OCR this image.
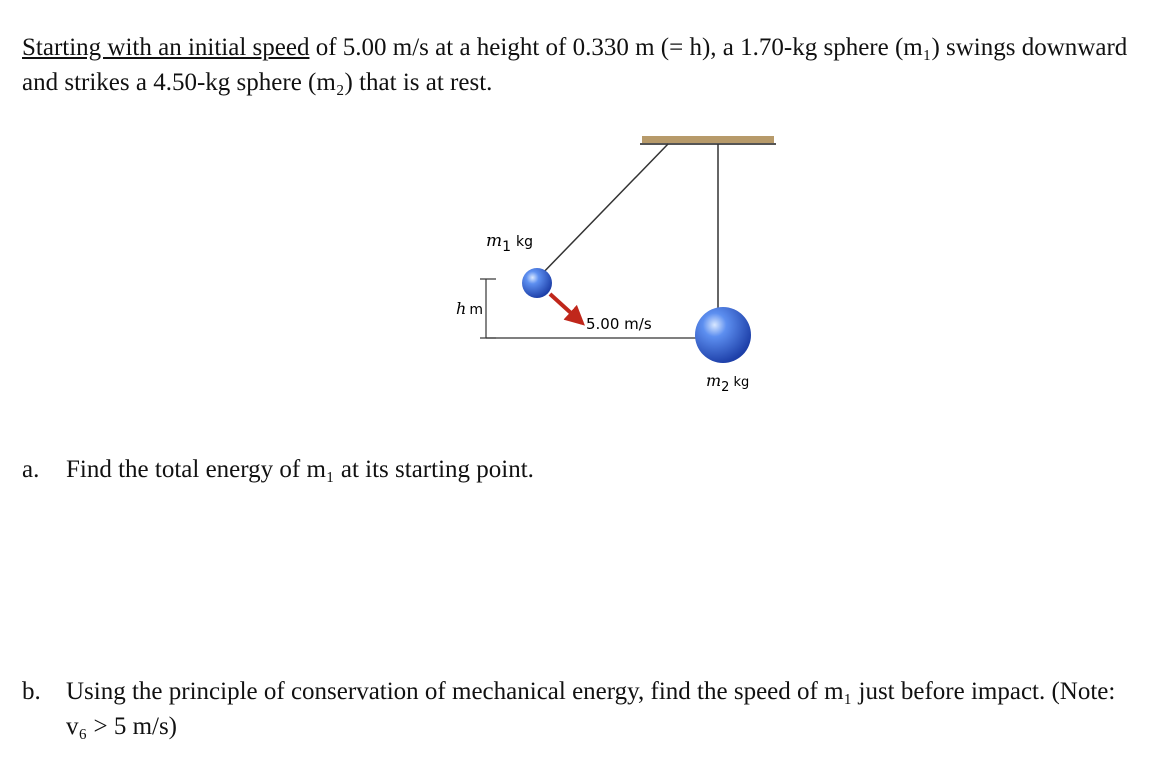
Starting with an initial speed of 5.00 m/s at a height of 0.330 m (= h), a 1.70-kg sphere (m₁) swings downward and strikes a 4.50-kg sphere (m₂) that is at rest.

$m_1$ $^{kg}$
h m
5.00 m/s
$m_2$ $^{kg}$

a. Find the total energy of m₁ at its starting point.

b. Using the principle of conservation of mechanical energy, find the speed of m₁ just before impact. (Note: v₆ > 5 m/s)
